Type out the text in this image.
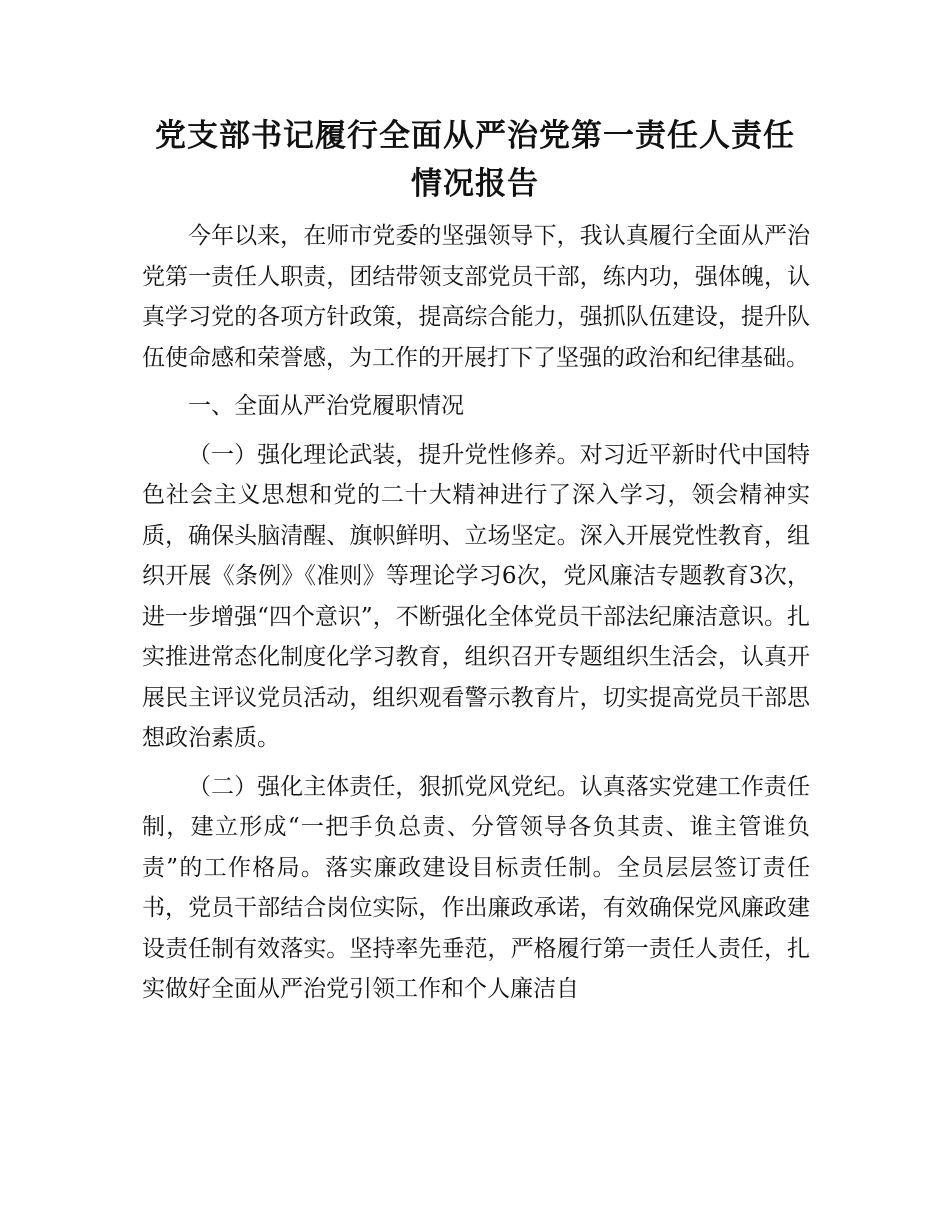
党支部书记履行全面从严治党第一责任人责任
情况报告

今年以来，在师市党委的坚强领导下，我认真履行全面从严治党第一责任人职责，团结带领支部党员干部，练内功，强体魄，认真学习党的各项方针政策，提高综合能力，强抓队伍建设，提升队伍使命感和荣誉感，为工作的开展打下了坚强的政治和纪律基础。

一、全面从严治党履职情况

（一）强化理论武装，提升党性修养。对习近平新时代中国特色社会主义思想和党的二十大精神进行了深入学习，领会精神实质，确保头脑清醒、旗帜鲜明、立场坚定。深入开展党性教育，组织开展《条例》《准则》等理论学习6次，党风廉洁专题教育3次，进一步增强“四个意识”，不断强化全体党员干部法纪廉洁意识。扎实推进常态化制度化学习教育，组织召开专题组织生活会，认真开展民主评议党员活动，组织观看警示教育片，切实提高党员干部思想政治素质。

（二）强化主体责任，狠抓党风党纪。认真落实党建工作责任制，建立形成“一把手负总责、分管领导各负其责、谁主管谁负责”的工作格局。落实廉政建设目标责任制。全员层层签订责任书，党员干部结合岗位实际，作出廉政承诺，有效确保党风廉政建设责任制有效落实。坚持率先垂范，严格履行第一责任人责任，扎实做好全面从严治党引领工作和个人廉洁自
